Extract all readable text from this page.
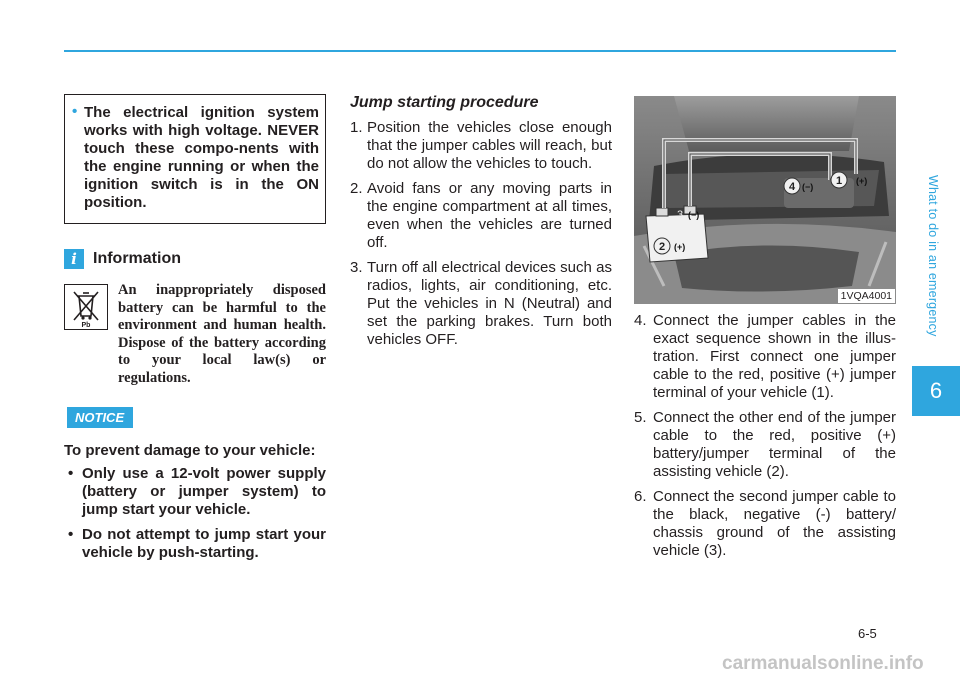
What to do in an emergency
6
6-5
carmanualsonline.info
• The electrical ignition system works with high voltage. NEVER touch these compo-nents with the engine running or when the ignition switch is in the ON position.

i	Information
Pb

An inappropriately disposed battery can be harmful to the environment and human health. Dispose of the battery according to your local law(s) or regulations.

NOTICE
To prevent damage to your vehicle:
• Only use a 12-volt power supply (battery or jumper system) to jump start your vehicle.
• Do not attempt to jump start your vehicle by push-starting.
Jump starting procedure
1. Position the vehicles close enough that the jumper cables will reach, but do not allow the vehicles to touch.
2. Avoid fans or any moving parts in the engine compartment at all times, even when the vehicles are turned off.
3. Turn off all electrical devices such as radios, lights, air conditioning, etc. Put the vehicles in N (Neutral) and set the parking brakes. Turn both vehicles OFF.
1 (+)
2 (+)
3 (−)
4 (−)
1VQA4001
4. Connect the jumper cables in the exact sequence shown in the illus-tration. First connect one jumper cable to the red, positive (+) jumper terminal of your vehicle (1).
5. Connect the other end of the jumper cable to the red, positive (+) battery/jumper terminal of the assisting vehicle (2).
6. Connect the second jumper cable to the black, negative (-) battery/ chassis ground of the assisting vehicle (3).
